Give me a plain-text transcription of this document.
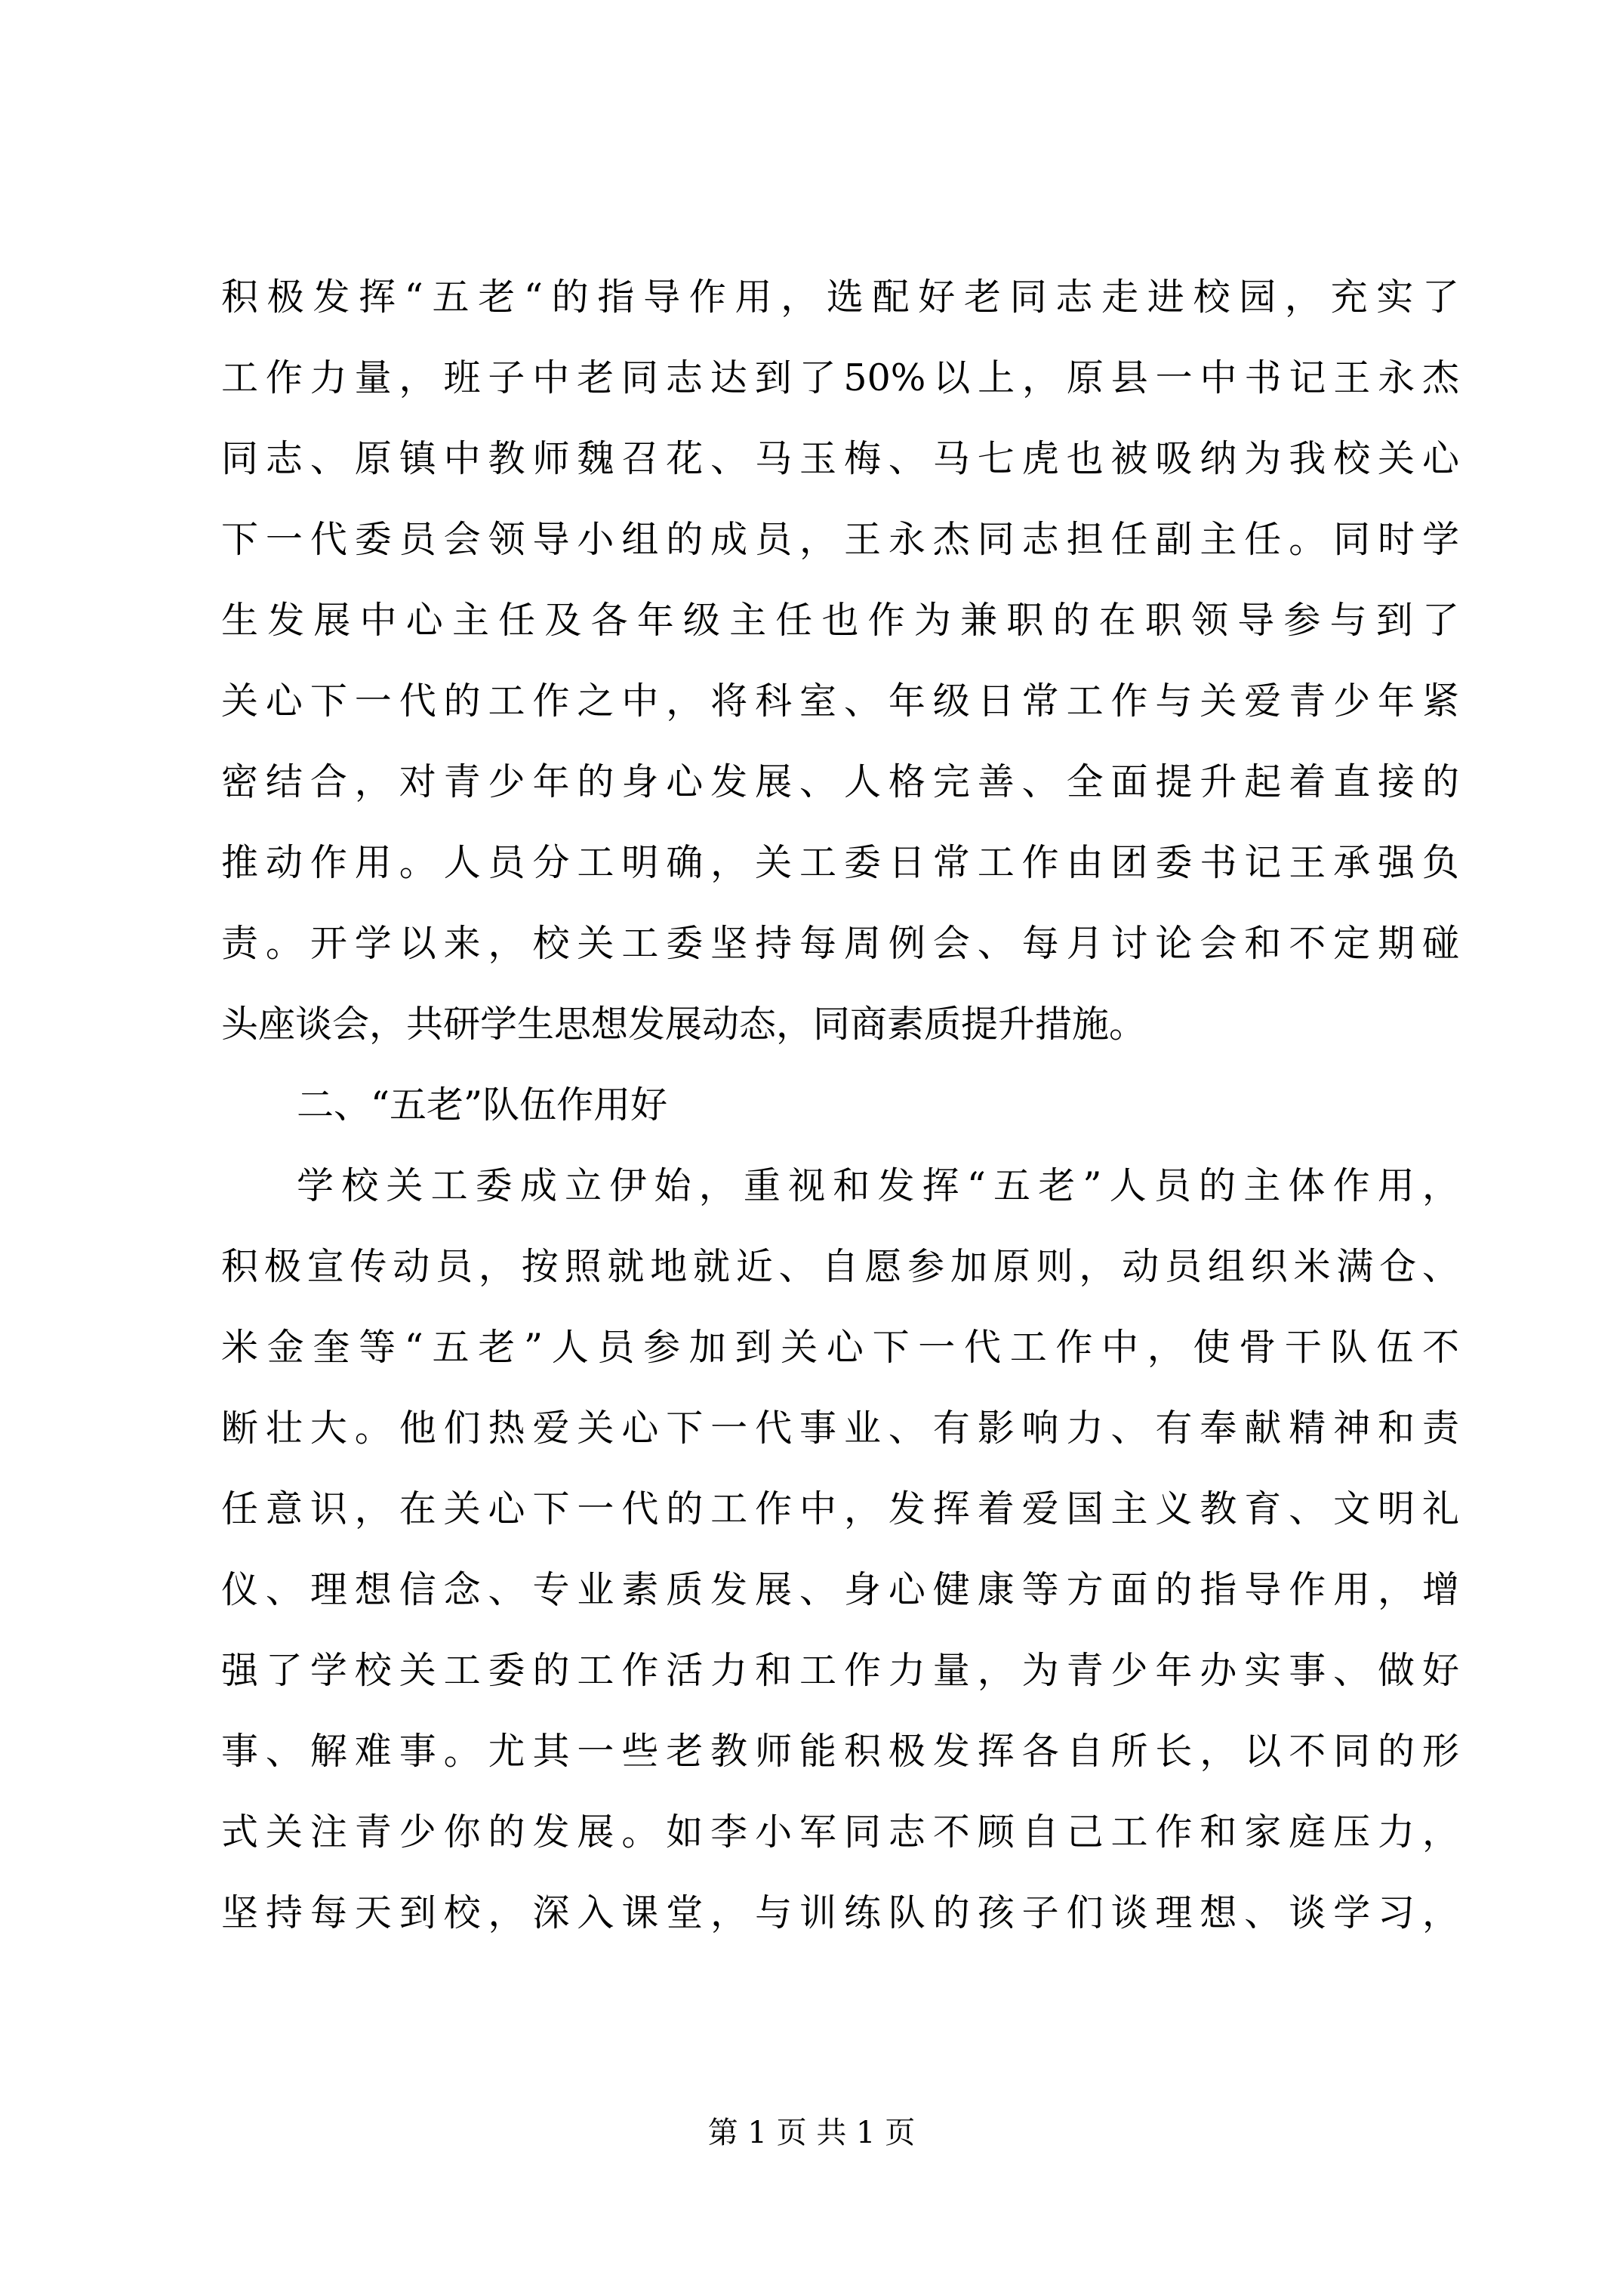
积极发挥“五老“的指导作用，选配好老同志走进校园，充实了
工作力量，班子中老同志达到了50%以上，原县一中书记王永杰
同志、原镇中教师魏召花、马玉梅、马七虎也被吸纳为我校关心
下一代委员会领导小组的成员，王永杰同志担任副主任。同时学
生发展中心主任及各年级主任也作为兼职的在职领导参与到了
关心下一代的工作之中，将科室、年级日常工作与关爱青少年紧
密结合，对青少年的身心发展、人格完善、全面提升起着直接的
推动作用。人员分工明确，关工委日常工作由团委书记王承强负
责。开学以来，校关工委坚持每周例会、每月讨论会和不定期碰
头座谈会，共研学生思想发展动态，同商素质提升措施。
二、“五老”队伍作用好
学校关工委成立伊始，重视和发挥“五老”人员的主体作用，
积极宣传动员，按照就地就近、自愿参加原则，动员组织米满仓、
米金奎等“五老”人员参加到关心下一代工作中，使骨干队伍不
断壮大。他们热爱关心下一代事业、有影响力、有奉献精神和责
任意识，在关心下一代的工作中，发挥着爱国主义教育、文明礼
仪、理想信念、专业素质发展、身心健康等方面的指导作用，增
强了学校关工委的工作活力和工作力量，为青少年办实事、做好
事、解难事。尤其一些老教师能积极发挥各自所长，以不同的形
式关注青少你的发展。如李小军同志不顾自己工作和家庭压力，
坚持每天到校，深入课堂，与训练队的孩子们谈理想、谈学习，
第 1 页 共 1 页
